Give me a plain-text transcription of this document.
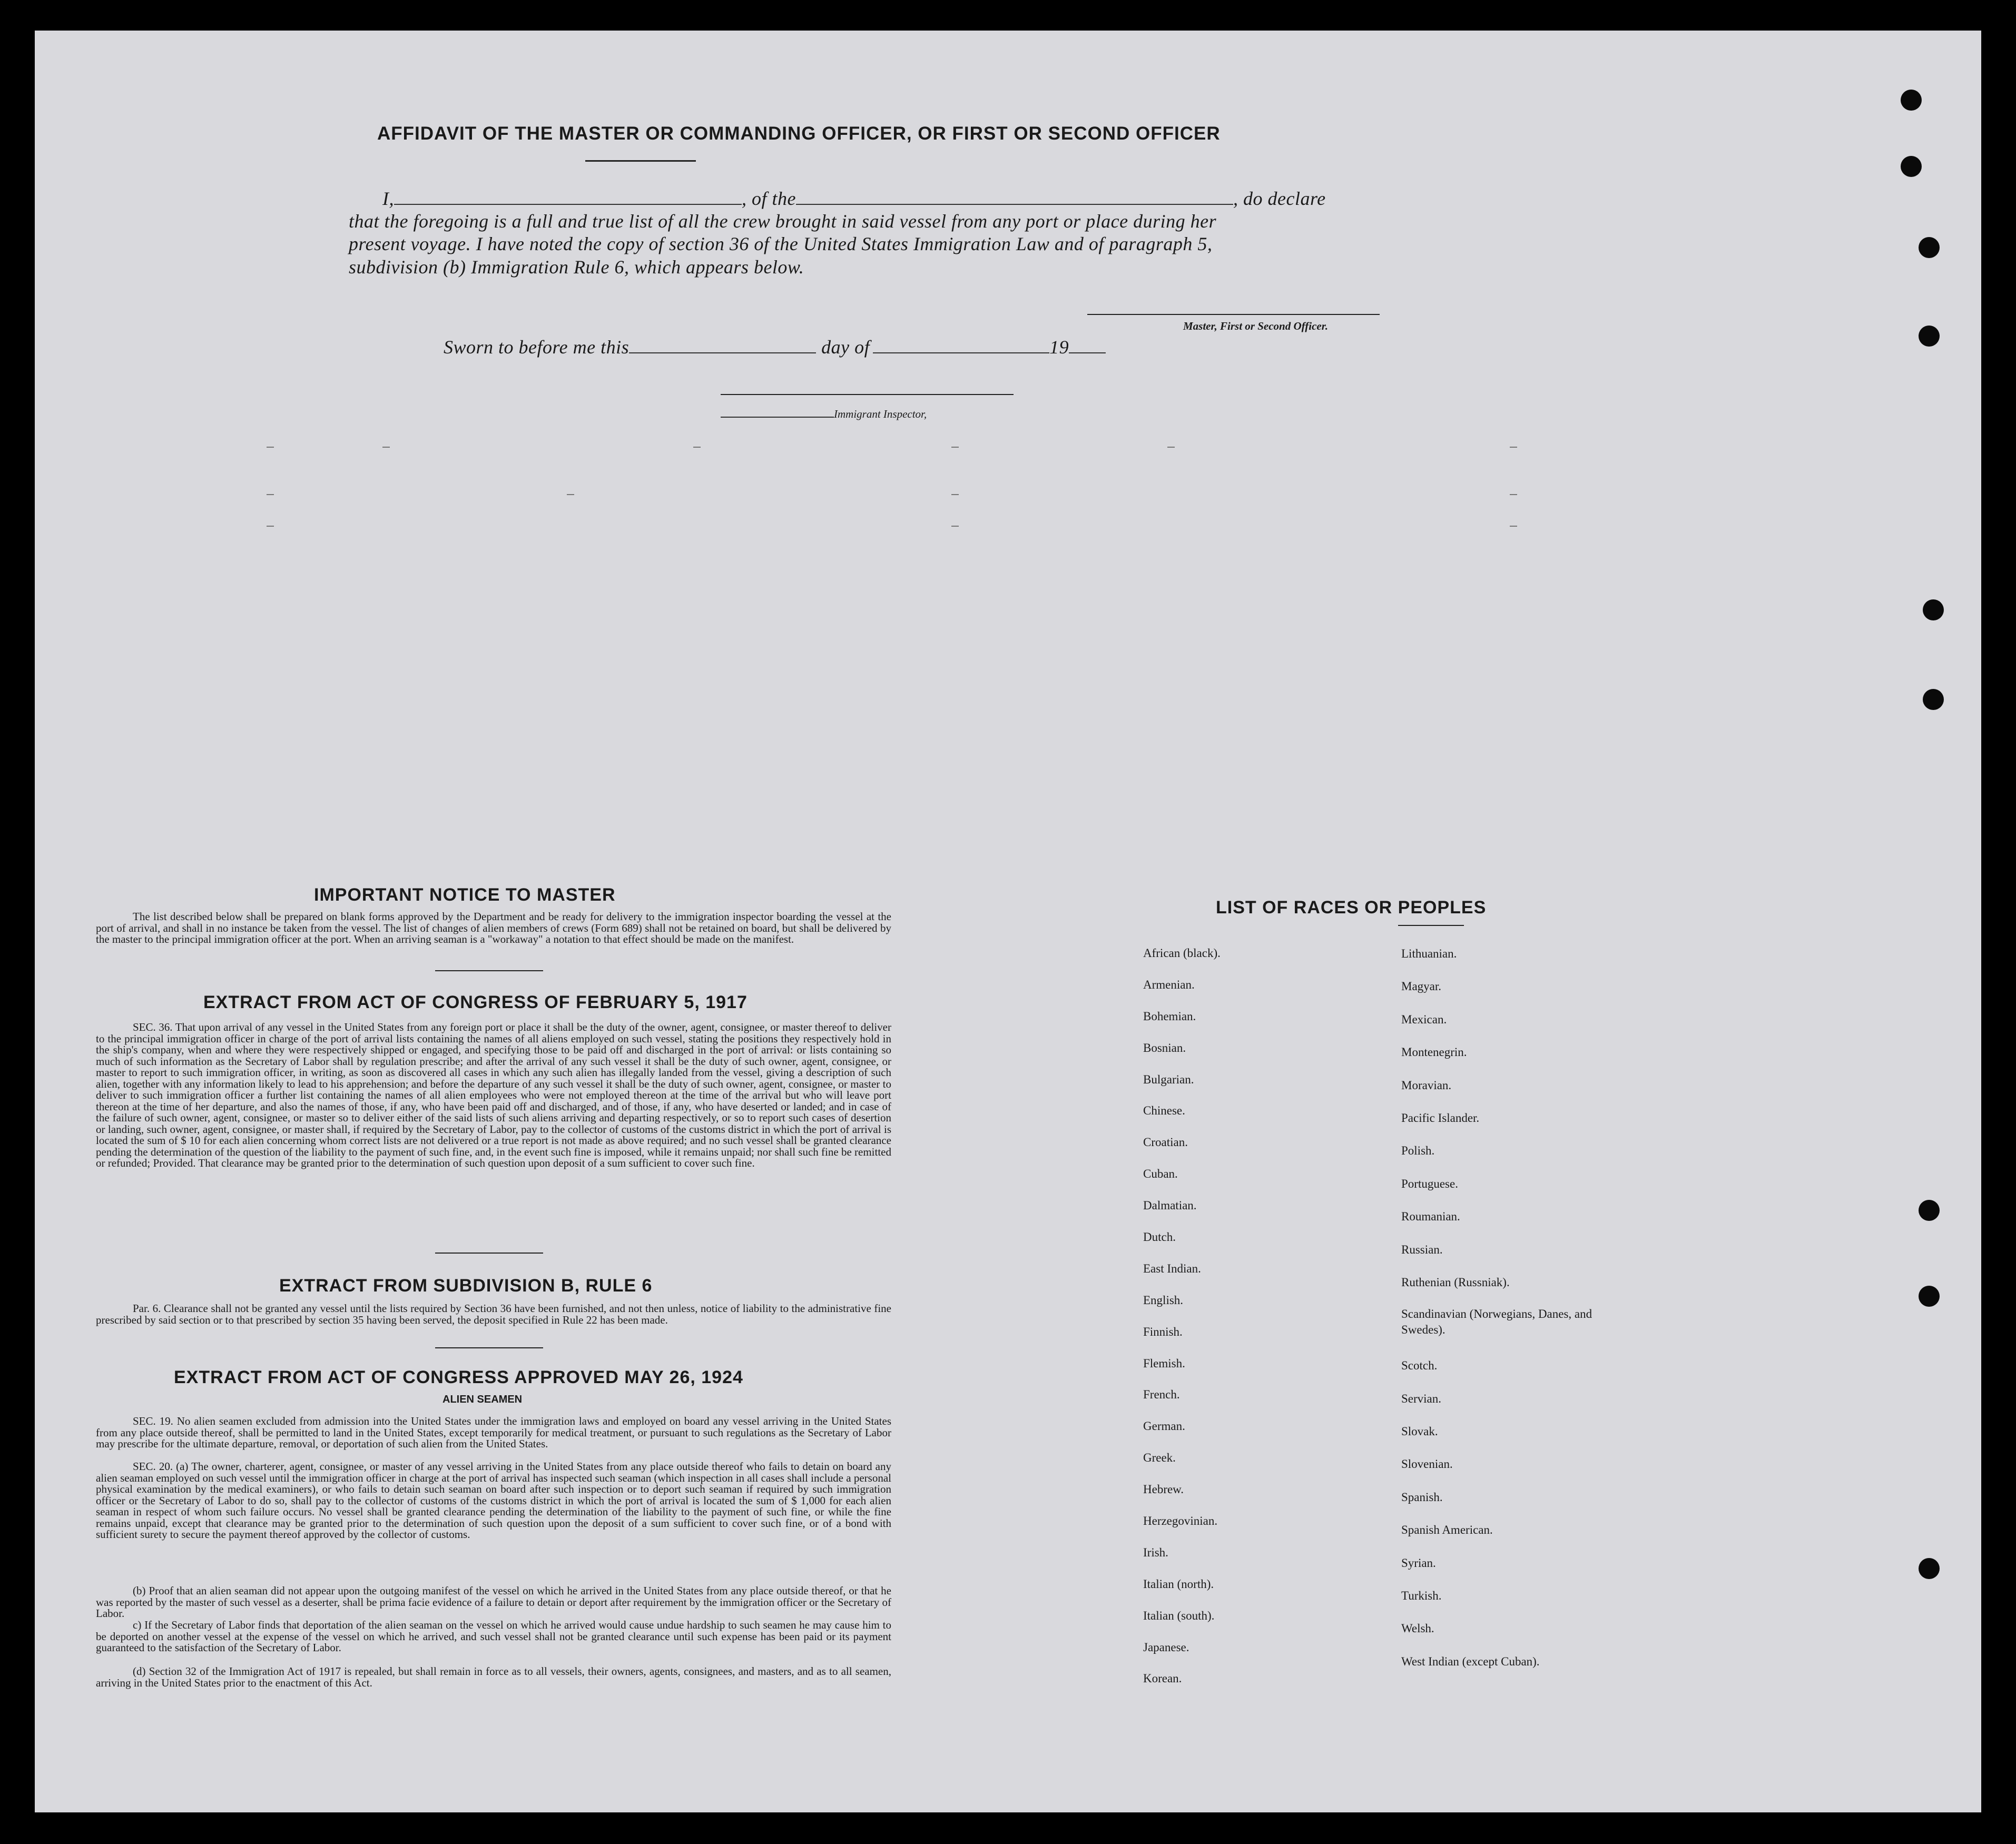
AFFIDAVIT OF THE MASTER OR COMMANDING OFFICER, OR FIRST OR SECOND OFFICER
I,	, of the	, do declare
that the foregoing is a full and true list of all the crew brought in said vessel from any port or place during her
present voyage. I have noted the copy of section 36 of the United States Immigration Law and of paragraph 5,
subdivision (b) Immigration Rule 6, which appears below.
Master, First or Second Officer.
Sworn to before me this	day of	19
Immigrant Inspector,
IMPORTANT NOTICE TO MASTER

The list described below shall be prepared on blank forms approved by the Department and be ready for delivery to the immigration inspector boarding the vessel at the port of arrival, and shall in no instance be taken from the vessel. The list of changes of alien members of crews (Form 689) shall not be retained on board, but shall be delivered by the master to the principal immigration officer at the port. When an arriving seaman is a "workaway" a notation to that effect should be made on the manifest.

EXTRACT FROM ACT OF CONGRESS OF FEBRUARY 5, 1917

SEC. 36. That upon arrival of any vessel in the United States from any foreign port or place it shall be the duty of the owner, agent, consignee, or master thereof to deliver to the principal immigration officer in charge of the port of arrival lists containing the names of all aliens employed on such vessel, stating the positions they respectively hold in the ship's company, when and where they were respectively shipped or engaged, and specifying those to be paid off and discharged in the port of arrival: or lists containing so much of such information as the Secretary of Labor shall by regulation prescribe; and after the arrival of any such vessel it shall be the duty of such owner, agent, consignee, or master to report to such immigration officer, in writing, as soon as discovered all cases in which any such alien has illegally landed from the vessel, giving a description of such alien, together with any information likely to lead to his apprehension; and before the departure of any such vessel it shall be the duty of such owner, agent, consignee, or master to deliver to such immigration officer a further list containing the names of all alien employees who were not employed thereon at the time of the arrival but who will leave port thereon at the time of her departure, and also the names of those, if any, who have been paid off and discharged, and of those, if any, who have deserted or landed; and in case of the failure of such owner, agent, consignee, or master so to deliver either of the said lists of such aliens arriving and departing respectively, or so to report such cases of desertion or landing, such owner, agent, consignee, or master shall, if required by the Secretary of Labor, pay to the collector of customs of the customs district in which the port of arrival is located the sum of $ 10 for each alien concerning whom correct lists are not delivered or a true report is not made as above required; and no such vessel shall be granted clearance pending the determination of the question of the liability to the payment of such fine, and, in the event such fine is imposed, while it remains unpaid; nor shall such fine be remitted or refunded; Provided. That clearance may be granted prior to the determination of such question upon deposit of a sum sufficient to cover such fine.

EXTRACT FROM SUBDIVISION B, RULE 6

Par. 6. Clearance shall not be granted any vessel until the lists required by Section 36 have been furnished, and not then unless, notice of liability to the administrative fine prescribed by said section or to that prescribed by section 35 having been served, the deposit specified in Rule 22 has been made.

EXTRACT FROM ACT OF CONGRESS APPROVED MAY 26, 1924
ALIEN SEAMEN

SEC. 19. No alien seamen excluded from admission into the United States under the immigration laws and employed on board any vessel arriving in the United States from any place outside thereof, shall be permitted to land in the United States, except temporarily for medical treatment, or pursuant to such regulations as the Secretary of Labor may prescribe for the ultimate departure, removal, or deportation of such alien from the United States.

SEC. 20. (a) The owner, charterer, agent, consignee, or master of any vessel arriving in the United States from any place outside thereof who fails to detain on board any alien seaman employed on such vessel until the immigration officer in charge at the port of arrival has inspected such seaman (which inspection in all cases shall include a personal physical examination by the medical examiners), or who fails to detain such seaman on board after such inspection or to deport such seaman if required by such immigration officer or the Secretary of Labor to do so, shall pay to the collector of customs of the customs district in which the port of arrival is located the sum of $ 1,000 for each alien seaman in respect of whom such failure occurs. No vessel shall be granted clearance pending the determination of the liability to the payment of such fine, or while the fine remains unpaid, except that clearance may be granted prior to the determination of such question upon the deposit of a sum sufficient to cover such fine, or of a bond with sufficient surety to secure the payment thereof approved by the collector of customs.

(b) Proof that an alien seaman did not appear upon the outgoing manifest of the vessel on which he arrived in the United States from any place outside thereof, or that he was reported by the master of such vessel as a deserter, shall be prima facie evidence of a failure to detain or deport after requirement by the immigration officer or the Secretary of Labor.

c) If the Secretary of Labor finds that deportation of the alien seaman on the vessel on which he arrived would cause undue hardship to such seamen he may cause him to be deported on another vessel at the expense of the vessel on which he arrived, and such vessel shall not be granted clearance until such expense has been paid or its payment guaranteed to the satisfaction of the Secretary of Labor.

(d) Section 32 of the Immigration Act of 1917 is repealed, but shall remain in force as to all vessels, their owners, agents, consignees, and masters, and as to all seamen, arriving in the United States prior to the enactment of this Act.

LIST OF RACES OR PEOPLES
African (black).
Armenian.
Bohemian.
Bosnian.
Bulgarian.
Chinese.
Croatian.
Cuban.
Dalmatian.
Dutch.
East Indian.
English.
Finnish.
Flemish.
French.
German.
Greek.
Hebrew.
Herzegovinian.
Irish.
Italian (north).
Italian (south).
Japanese.
Korean.
Lithuanian.
Magyar.
Mexican.
Montenegrin.
Moravian.
Pacific Islander.
Polish.
Portuguese.
Roumanian.
Russian.
Ruthenian (Russniak).
Scandinavian (Norwegians, Danes, and Swedes).
Scotch.
Servian.
Slovak.
Slovenian.
Spanish.
Spanish American.
Syrian.
Turkish.
Welsh.
West Indian (except Cuban).
